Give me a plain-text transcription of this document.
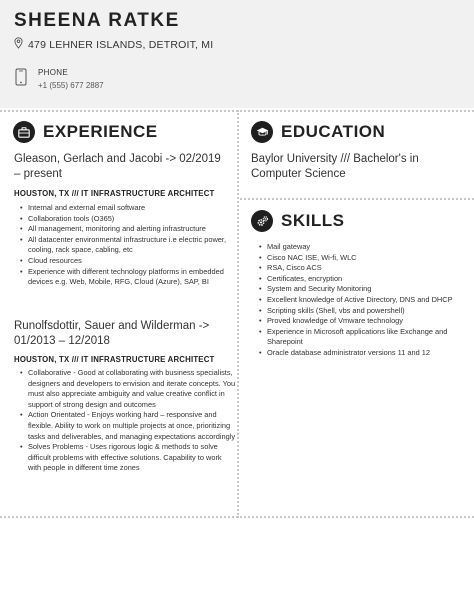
SHEENA RATKE
479 LEHNER ISLANDS, DETROIT, MI
PHONE
+1 (555) 677 2887
EXPERIENCE
Gleason, Gerlach and Jacobi -> 02/2019 – present
HOUSTON, TX /// IT INFRASTRUCTURE ARCHITECT
• Internal and external email software
• Collaboration tools (O365)
• All management, monitoring and alerting infrastructure
• All datacenter environmental infrastructure i.e electric power, cooling, rack space, cabling, etc
• Cloud resources
• Experience with different technology platforms in embedded devices e.g. Web, Mobile, RFG, Cloud (Azure), SAP, BI
Runolfsdottir, Sauer and Wilderman -> 01/2013 – 12/2018
HOUSTON, TX /// IT INFRASTRUCTURE ARCHITECT
• Collaborative - Good at collaborating with business specialists, designers and developers to envision and iterate concepts. You must also appreciate ambiguity and value creative conflict in support of strong design and outcomes
• Action Orientated - Enjoys working hard – responsive and flexible. Ability to work on multiple projects at once, prioritizing tasks and deliverables, and managing expectations accordingly
• Solves Problems - Uses rigorous logic & methods to solve difficult problems with effective solutions. Capability to work with people in different time zones
EDUCATION
Baylor University /// Bachelor's in Computer Science
SKILLS
• Mail gateway
• Cisco NAC ISE, Wi-fi, WLC
• RSA, Cisco ACS
• Certificates, encryption
• System and Security Monitoring
• Excellent knowledge of Active Directory, DNS and DHCP
• Scripting skills (Shell, vbs and powershell)
• Proved knowledge of Vmware technology
• Experience in Microsoft applications like Exchange and Sharepoint
• Oracle database administrator versions 11 and 12
